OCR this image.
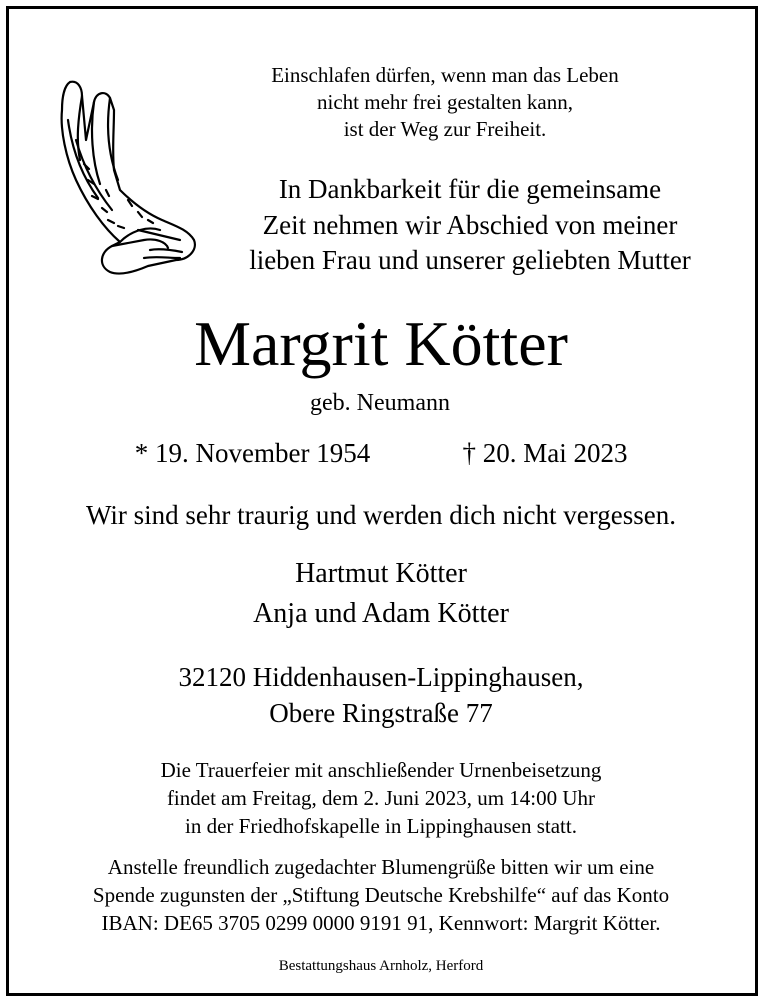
Einschlafen dürfen, wenn man das Leben
nicht mehr frei gestalten kann,
ist der Weg zur Freiheit.
In Dankbarkeit für die gemeinsame
Zeit nehmen wir Abschied von meiner
lieben Frau und unserer geliebten Mutter
Margrit Kötter
geb. Neumann
* 19. November 1954	† 20. Mai 2023
Wir sind sehr traurig und werden dich nicht vergessen.
Hartmut Kötter
Anja und Adam Kötter
32120 Hiddenhausen-Lippinghausen,
Obere Ringstraße 77
Die Trauerfeier mit anschließender Urnenbeisetzung
findet am Freitag, dem 2. Juni 2023, um 14:00 Uhr
in der Friedhofskapelle in Lippinghausen statt.
Anstelle freundlich zugedachter Blumengrüße bitten wir um eine
Spende zugunsten der „Stiftung Deutsche Krebshilfe“ auf das Konto
IBAN: DE65 3705 0299 0000 9191 91, Kennwort: Margrit Kötter.
Bestattungshaus Arnholz, Herford
